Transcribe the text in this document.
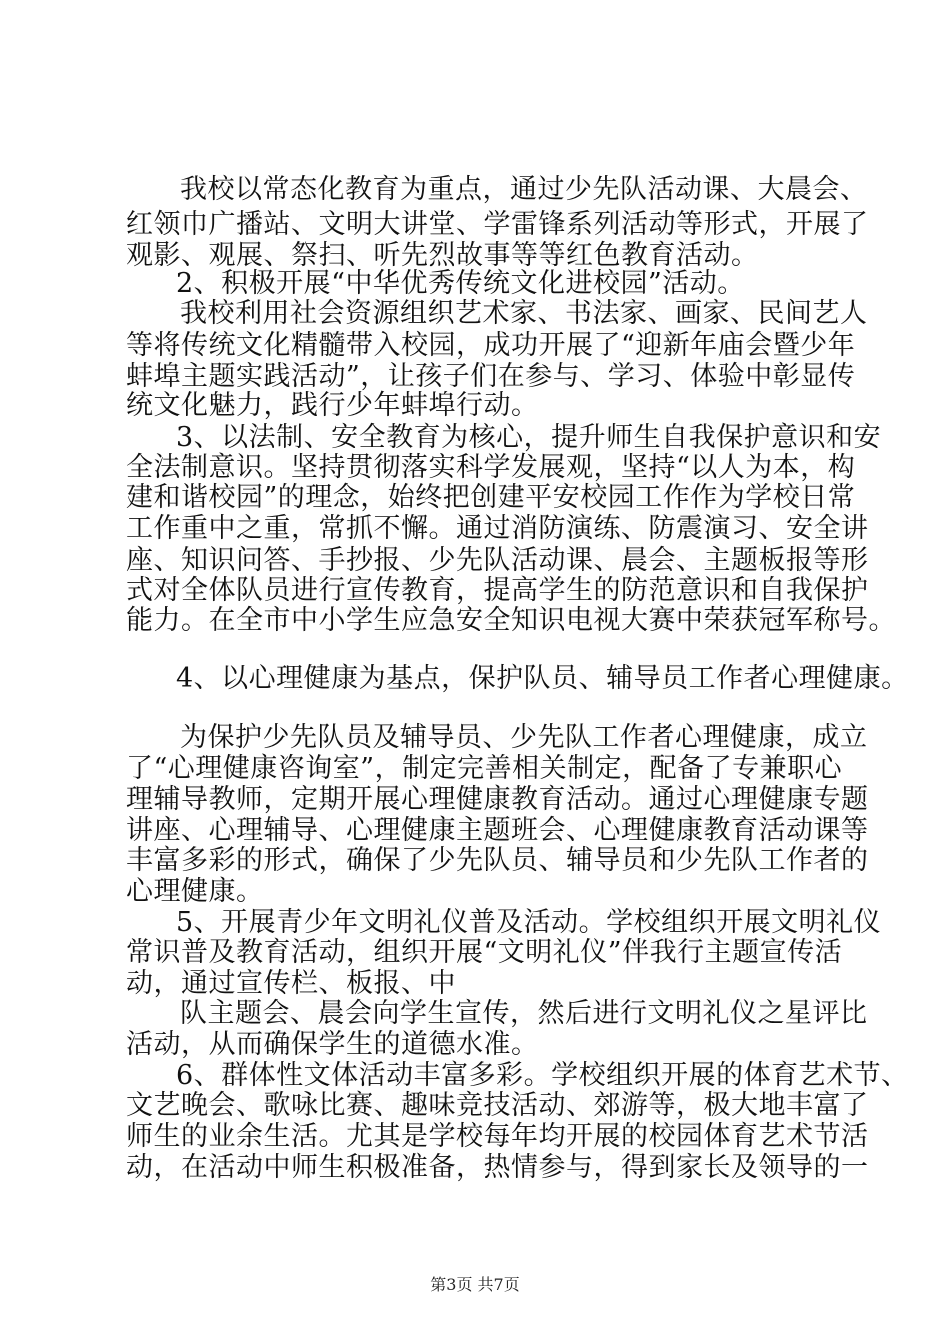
我校以常态化教育为重点，通过少先队活动课、大晨会、

红领巾广播站、文明大讲堂、学雷锋系列活动等形式，开展了

观影、观展、祭扫、听先烈故事等等红色教育活动。

2、积极开展“中华优秀传统文化进校园”活动。

我校利用社会资源组织艺术家、书法家、画家、民间艺人

等将传统文化精髓带入校园，成功开展了“迎新年庙会暨少年

蚌埠主题实践活动”，让孩子们在参与、学习、体验中彰显传

统文化魅力，践行少年蚌埠行动。

3、以法制、安全教育为核心，提升师生自我保护意识和安

全法制意识。坚持贯彻落实科学发展观，坚持“以人为本，构

建和谐校园”的理念，始终把创建平安校园工作作为学校日常

工作重中之重，常抓不懈。通过消防演练、防震演习、安全讲

座、知识问答、手抄报、少先队活动课、晨会、主题板报等形

式对全体队员进行宣传教育，提高学生的防范意识和自我保护

能力。在全市中小学生应急安全知识电视大赛中荣获冠军称号。

4、以心理健康为基点，保护队员、辅导员工作者心理健康。

为保护少先队员及辅导员、少先队工作者心理健康，成立

了“心理健康咨询室”，制定完善相关制定，配备了专兼职心

理辅导教师，定期开展心理健康教育活动。通过心理健康专题

讲座、心理辅导、心理健康主题班会、心理健康教育活动课等

丰富多彩的形式，确保了少先队员、辅导员和少先队工作者的

心理健康。

5、开展青少年文明礼仪普及活动。学校组织开展文明礼仪

常识普及教育活动，组织开展“文明礼仪”伴我行主题宣传活

动，通过宣传栏、板报、中

队主题会、晨会向学生宣传，然后进行文明礼仪之星评比

活动，从而确保学生的道德水准。

6、群体性文体活动丰富多彩。学校组织开展的体育艺术节、

文艺晚会、歌咏比赛、趣味竞技活动、郊游等，极大地丰富了

师生的业余生活。尤其是学校每年均开展的校园体育艺术节活

动，在活动中师生积极准备，热情参与，得到家长及领导的一

第3页 共7页
